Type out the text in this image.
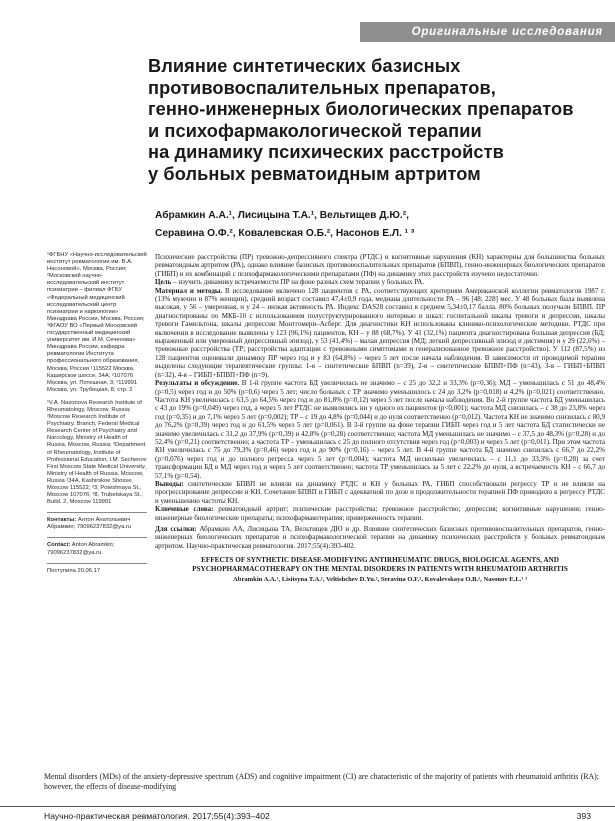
Оригинальные исследования
Влияние синтетических базисных
противовоспалительных препаратов,
генно-инженерных биологических препаратов
и психофармакологической терапии
на динамику психических расстройств
у больных ревматоидным артритом
Абрамкин А.А.¹, Лисицына Т.А.¹, Вельтищев Д.Ю.²,
Серавина О.Ф.², Ковалевская О.Б.², Насонов Е.Л. ¹ ³

¹ФГБНУ «Научно-исследовательский институт ревматологии им. В.А. Насоновой», Москва, Россия; ²Московский научно-исследовательский институт психиатрии – филиал ФГБУ «Федеральный медицинский исследовательский центр психиатрии и наркологии» Минздрава России, Москва, Россия; ³ФГАОУ ВО «Первый Московский государственный медицинский университет им. И.М. Сеченова» Минздрава России, кафедра ревматологии Института профессионального образования, Москва, Россия ¹115522 Москва, Каширское шоссе, 34А; ²107076 Москва, ул. Потешная, 3; ³119991 Москва, ул. Трубецкая, 8, стр. 2

¹V.A. Nasonova Research Institute of Rheumatology, Moscow, Russia; ²Moscow Research Institute of Psychiatry, Branch, Federal Medical Research Center of Psychiatry and Narcology, Ministry of Health of Russia, Moscow, Russia; ³Department of Rheumatology, Institute of Professional Education, I.M. Sechenov First Moscow State Medical University, Ministry of Health of Russia, Moscow, Russia ¹34A, Kashirskoe Shosse, Moscow 115522; ²3, Poteshnaya St., Moscow 107076; ³8, Trubetskaya St., Build. 2, Moscow 119991

Контакты: Антон Анатольевич Абрамкин; 79096237832@ya.ru

Contact: Anton Abramkin; 79096237832@ya.ru

Поступила 20.06.17

Психические расстройства (ПР) тревожно-депрессивного спектра (РТДС) и когнитивные нарушения (КН) характерны для большинства больных ревматоидным артритом (РА), однако влияние базисных противовоспалительных препаратов (БПВП), генно-инженерных биологических препаратов (ГИБП) и их комбинаций с психофармакологическими препаратами (ПФ) на динамику этих расстройств изучено недостаточно.

Цель – изучить динамику встречаемости ПР на фоне разных схем терапии у больных РА.

Материал и методы. В исследование включено 128 пациентов с РА, соответствующих критериям Американской коллегии ревматологов 1987 г. (13% мужчин и 87% женщин), средний возраст составил 47,4±0,9 года, медиана длительности РА – 96 [48; 228] мес. У 48 больных была выявлена высокая, у 56 – умеренная, и у 24 – низкая активность РА. Индекс DAS28 составил в среднем 5,34±0,17 балла. 80% больных получали БПВП. ПР диагностированы по МКБ-10 с использованием полуструктурированного интервью и шкал: госпитальной шкалы тревоги и депрессии, шкалы тревоги Гамильтона, шкалы депрессии Монтгомери–Асберг. Для диагностики КН использованы клинико-психологические методики. РТДС при включении в исследование выявлены у 123 (96,1%) пациентов, КН – у 88 (68,7%). У 41 (32,1%) пациента диагностирована большая депрессия (БД; выраженный или умеренный депрессивный эпизод), у 53 (41,4%) – малая депрессия (МД; легкий депрессивный эпизод и дистимия) и у 29 (22,6%) – тревожные расстройства (ТР; расстройства адаптации с тревожными симптомами и генерализованное тревожное расстройство). У 112 (87,5%) из 128 пациентов оценивали динамику ПР через год и у 83 (64,8%) – через 5 лет после начала наблюдения. В зависимости от проводимой терапии выделены следующие терапевтические группы: 1-я – синтетические БПВП (n=39), 2-я – синтетические БПВП+ПФ (n=43), 3-я – ГИБП+БПВП (n=32), 4-я – ГИБП+БПВП+ПФ (n=9).

Результаты и обсуждение. В 1-й группе частота БД увеличилась не значимо – с 25 до 32,2 и 33,3% (p=0,36); МД – уменьшилась с 51 до 48,4% (p=0,5) через год и до 50% (p=0,6) через 5 лет; число больных с ТР значимо уменьшилось с 24 до 3,2% (p=0,018) и 4,2% (p=0,021) соответственно. Частота КН увеличилась с 63,5 до 64,5% через год и до 81,8% (p=0,12) через 5 лет после начала наблюдения. Во 2-й группе частота БД уменьшилась с 43 до 19% (p=0,049) через год, а через 5 лет РТДС не выявлялись ни у одного из пациентов (p<0,001); частота МД снизилась – с 38 до 23,8% через год (p=0,35) и до 7,1% через 5 лет (p=0,002); ТР – с 19 до 4,8% (p=0,044) и до нуля соответственно (p=0,012). Частота КН не значимо снизилась с 80,9 до 76,2% (p=0,39) через год и до 61,5% через 5 лет (p=0,061). В 3-й группе на фоне терапии ГИБП через год и 5 лет частота БД статистически не значимо увеличилась с 31,2 до 37,9% (p=0,39) и 42,8% (p=0,28) соответственно; частота МД уменьшилась не значимо – с 37,5 до 48,3% (p=0,28) и до 52,4% (p=0,21) соответственно; а частота ТР – уменьшилась с 25 до полного отсутствия через год (p=0,003) и через 5 лет (p=0,011). При этом частота КН увеличилась с 75 до 79,3% (p=0,46) через год и до 90% (p=0,16) – через 5 лет. В 4-й группе частота БД значимо снизилась с 66,7 до 22,2% (p=0,076) через год и до полного регресса через 5 лет (p=0,004); частота МД несколько увеличилась – с 11,1 до 33,3% (p=0,28) за счет трансформации БД в МД через год и через 5 лет соответственно; частота ТР уменьшилась за 5 лет с 22,2% до нуля, а встречаемость КН – с 66,7 до 57,1% (p=0,54).

Выводы: синтетические БПВП не влияли на динамику РТДС и КН у больных РА, ГИБП способствовали регрессу ТР и не влияли на прогрессирование депрессии и КН. Сочетание БПВП и ГИБП с адекватной по дозе и продолжительности терапией ПФ приводило к регрессу РТДС и уменьшению частоты КН.

Ключевые слова: ревматоидный артрит; психические расстройства; тревожное расстройство; депрессия; когнитивные нарушения; генно-инженерные биологические препараты; психофармакотерапия; приверженность терапии.

Для ссылки: Абрамкин АА, Лисицына ТА, Вельтищев ДЮ и др. Влияние синтетических базисных противовоспалительных препаратов, генно-инженерных биологических препаратов и психофармакологической терапии на динамику психических расстройств у больных ревматоидным артритом. Научно-практическая ревматология. 2017;55(4):393-402.

EFFECTS OF SYNTHETIC DISEASE-MODIFYING ANTIRHEUMATIC DRUGS, BIOLOGICAL AGENTS, AND PSYCHOPHARMACOTHERAPY ON THE MENTAL DISORDERS IN PATIENTS WITH RHEUMATOID ARTHRITIS

Abramkin A.A.¹, Lisitsyna T.A.¹, Veltishchev D.Yu.², Seravina O.F.², Kovalevskaya O.B.², Nasonov E.L.¹ ³

Mental disorders (MDs) of the anxiety-depressive spectrum (ADS) and cognitive impairment (CI) are characteristic of the majority of patients with rheumatoid arthritis (RA); however, the effects of disease-modifying

Научно-практическая ревматология. 2017;55(4):393–402	393
